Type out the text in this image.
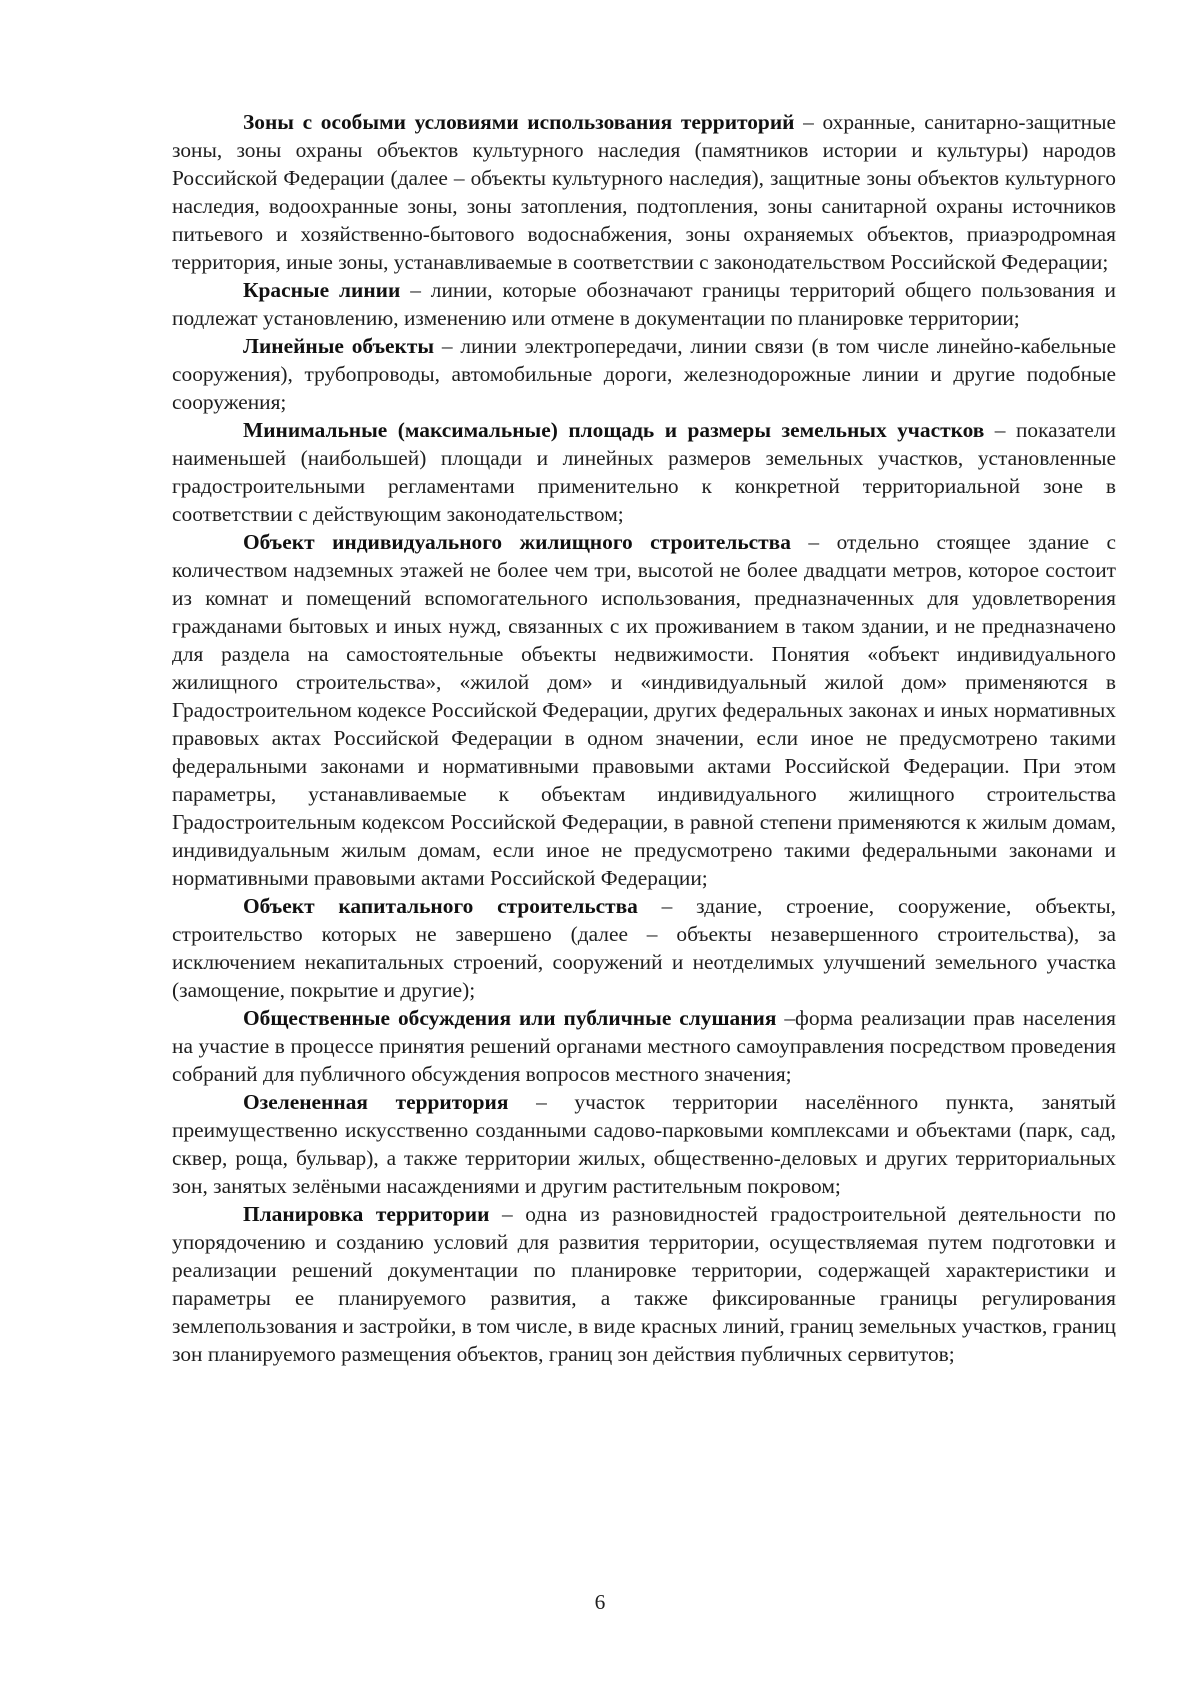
Зоны с особыми условиями использования территорий – охранные, санитарно-защитные зоны, зоны охраны объектов культурного наследия (памятников истории и культуры) народов Российской Федерации (далее – объекты культурного наследия), защитные зоны объектов культурного наследия, водоохранные зоны, зоны затопления, подтопления, зоны санитарной охраны источников питьевого и хозяйственно-бытового водоснабжения, зоны охраняемых объектов, приаэродромная территория, иные зоны, устанавливаемые в соответствии с законодательством Российской Федерации;

Красные линии – линии, которые обозначают границы территорий общего пользования и подлежат установлению, изменению или отмене в документации по планировке территории;

Линейные объекты – линии электропередачи, линии связи (в том числе линейно-кабельные сооружения), трубопроводы, автомобильные дороги, железнодорожные линии и другие подобные сооружения;

Минимальные (максимальные) площадь и размеры земельных участков – показатели наименьшей (наибольшей) площади и линейных размеров земельных участков, установленные градостроительными регламентами применительно к конкретной территориальной зоне в соответствии с действующим законодательством;

Объект индивидуального жилищного строительства – отдельно стоящее здание с количеством надземных этажей не более чем три, высотой не более двадцати метров, которое состоит из комнат и помещений вспомогательного использования, предназначенных для удовлетворения гражданами бытовых и иных нужд, связанных с их проживанием в таком здании, и не предназначено для раздела на самостоятельные объекты недвижимости. Понятия «объект индивидуального жилищного строительства», «жилой дом» и «индивидуальный жилой дом» применяются в Градостроительном кодексе Российской Федерации, других федеральных законах и иных нормативных правовых актах Российской Федерации в одном значении, если иное не предусмотрено такими федеральными законами и нормативными правовыми актами Российской Федерации. При этом параметры, устанавливаемые к объектам индивидуального жилищного строительства Градостроительным кодексом Российской Федерации, в равной степени применяются к жилым домам, индивидуальным жилым домам, если иное не предусмотрено такими федеральными законами и нормативными правовыми актами Российской Федерации;

Объект капитального строительства – здание, строение, сооружение, объекты, строительство которых не завершено (далее – объекты незавершенного строительства), за исключением некапитальных строений, сооружений и неотделимых улучшений земельного участка (замощение, покрытие и другие);

Общественные обсуждения или публичные слушания –форма реализации прав населения на участие в процессе принятия решений органами местного самоуправления посредством проведения собраний для публичного обсуждения вопросов местного значения;

Озелененная территория – участок территории населённого пункта, занятый преимущественно искусственно созданными садово-парковыми комплексами и объектами (парк, сад, сквер, роща, бульвар), а также территории жилых, общественно-деловых и других территориальных зон, занятых зелёными насаждениями и другим растительным покровом;

Планировка территории – одна из разновидностей градостроительной деятельности по упорядочению и созданию условий для развития территории, осуществляемая путем подготовки и реализации решений документации по планировке территории, содержащей характеристики и параметры ее планируемого развития, а также фиксированные границы регулирования землепользования и застройки, в том числе, в виде красных линий, границ земельных участков, границ зон планируемого размещения объектов, границ зон действия публичных сервитутов;

6
